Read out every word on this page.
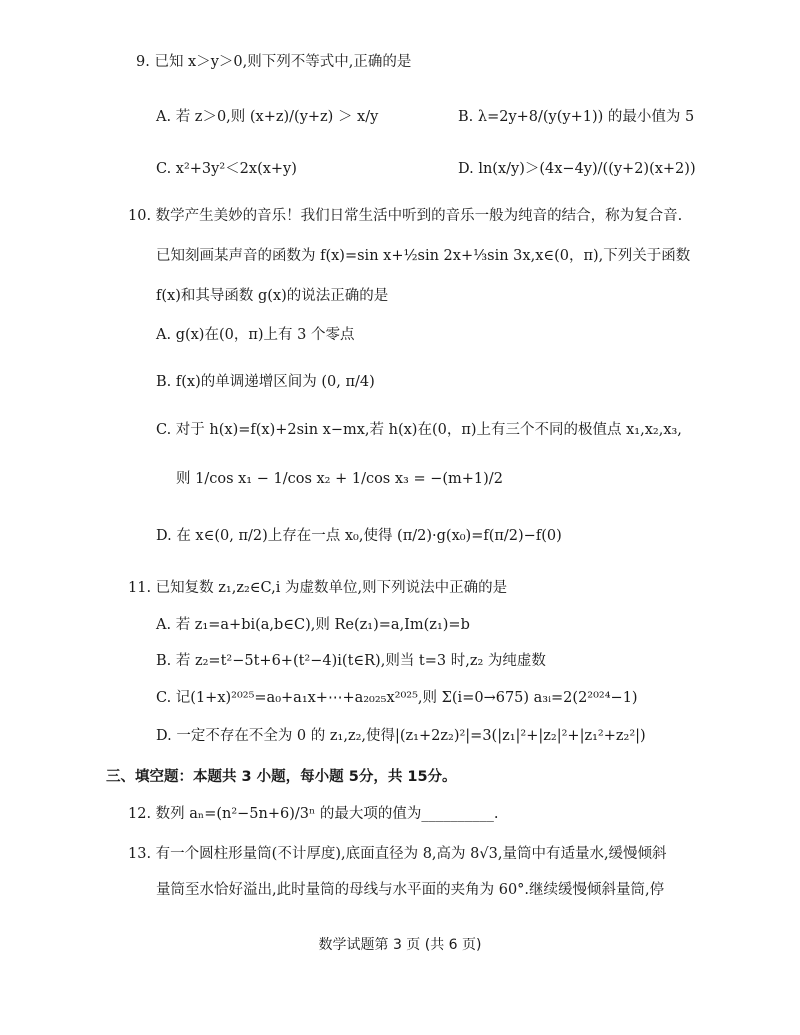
9. 已知 x＞y＞0,则下列不等式中,正确的是
A. 若 z＞0,则 (x+z)/(y+z) ＞ x/y	B. λ=2y+8/(y(y+1)) 的最小值为 5
C. x²+3y²＜2x(x+y)	D. ln(x/y)＞(4x−4y)/((y+2)(x+2))
10. 数学产生美妙的音乐！我们日常生活中听到的音乐一般为纯音的结合，称为复合音.
已知刻画某声音的函数为 f(x)=sin x+½sin 2x+⅓sin 3x,x∈(0，π),下列关于函数
f(x)和其导函数 g(x)的说法正确的是
A. g(x)在(0，π)上有 3 个零点
B. f(x)的单调递增区间为 (0, π/4)
C. 对于 h(x)=f(x)+2sin x−mx,若 h(x)在(0，π)上有三个不同的极值点 x₁,x₂,x₃,
则 1/cos x₁ − 1/cos x₂ + 1/cos x₃ = −(m+1)/2
D. 在 x∈(0, π/2)上存在一点 x₀,使得 (π/2)·g(x₀)=f(π/2)−f(0)
11. 已知复数 z₁,z₂∈C,i 为虚数单位,则下列说法中正确的是
A. 若 z₁=a+bi(a,b∈C),则 Re(z₁)=a,Im(z₁)=b
B. 若 z₂=t²−5t+6+(t²−4)i(t∈R),则当 t=3 时,z₂ 为纯虚数
C. 记(1+x)²⁰²⁵=a₀+a₁x+⋯+a₂₀₂₅x²⁰²⁵,则 Σ(i=0→675) a₃ᵢ=2(2²⁰²⁴−1)
D. 一定不存在不全为 0 的 z₁,z₂,使得|(z₁+2z₂)²|=3(|z₁|²+|z₂|²+|z₁²+z₂²|)
三、填空题：本题共 3 小题，每小题 5分，共 15分。
12. 数列 aₙ=(n²−5n+6)/3ⁿ 的最大项的值为__________.
13. 有一个圆柱形量筒(不计厚度),底面直径为 8,高为 8√3,量筒中有适量水,缓慢倾斜
量筒至水恰好溢出,此时量筒的母线与水平面的夹角为 60°.继续缓慢倾斜量筒,停
数学试题第 3 页 (共 6 页)
